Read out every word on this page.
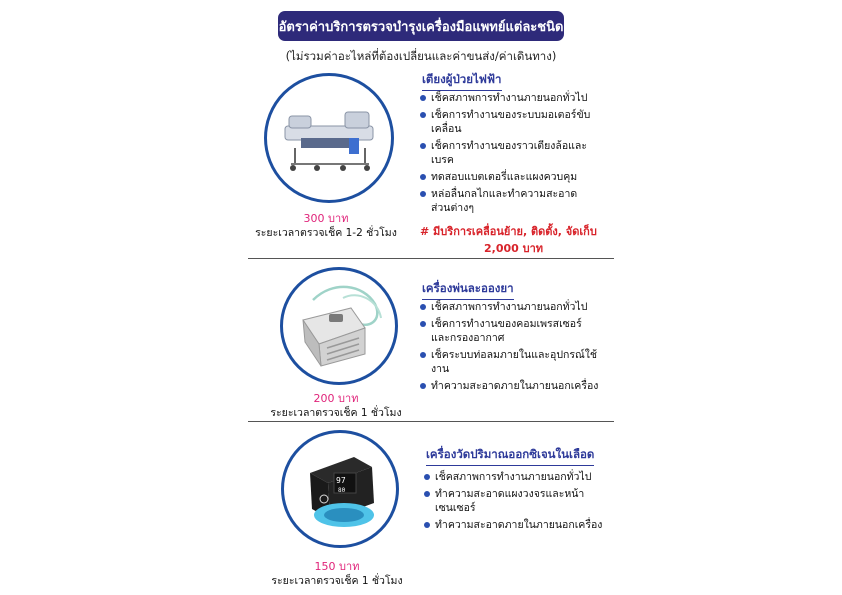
อัตราค่าบริการตรวจบำรุงเครื่องมือแพทย์แต่ละชนิด
(ไม่รวมค่าอะไหล่ที่ต้องเปลี่ยนและค่าขนส่ง/ค่าเดินทาง)
300 บาท
ระยะเวลาตรวจเช็ค 1-2 ชั่วโมง
เตียงผู้ป่วยไฟฟ้า
เช็คสภาพการทำงานภายนอกทั่วไป
เช็คการทำงานของระบบมอเตอร์ขับเคลื่อน
เช็คการทำงานของราวเตียงล้อและเบรค
ทดสอบแบตเตอรี่และแผงควบคุม
หล่อลื่นกลไกและทำความสะอาดส่วนต่างๆ
# มีบริการเคลื่อนย้าย, ติดตั้ง, จัดเก็บ
2,000 บาท
200 บาท
ระยะเวลาตรวจเช็ค 1 ชั่วโมง
เครื่องพ่นละอองยา
เช็คสภาพการทำงานภายนอกทั่วไป
เช็คการทำงานของคอมเพรสเซอร์และกรองอากาศ
เช็คระบบท่อลมภายในและอุปกรณ์ใช้งาน
ทำความสะอาดภายในภายนอกเครื่อง
97
80
150 บาท
ระยะเวลาตรวจเช็ค 1 ชั่วโมง
เครื่องวัดปริมาณออกซิเจนในเลือด
เช็คสภาพการทำงานภายนอกทั่วไป
ทำความสะอาดแผงวงจรและหน้าเซนเซอร์
ทำความสะอาดภายในภายนอกเครื่อง
